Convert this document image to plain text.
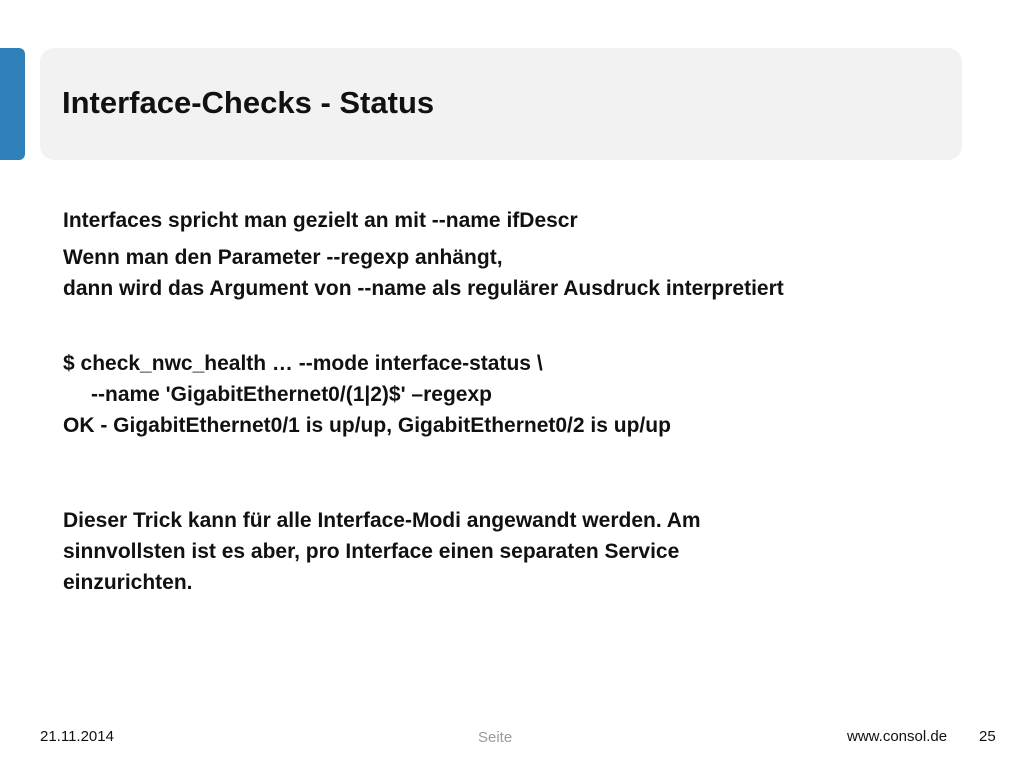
Interface-Checks - Status

Interfaces spricht man gezielt an mit --name ifDescr

Wenn man den Parameter --regexp anhängt,

dann wird das Argument von --name als regulärer Ausdruck interpretiert

$ check_nwc_health … --mode interface-status \

--name 'GigabitEthernet0/(1|2)$' –regexp

OK - GigabitEthernet0/1 is up/up, GigabitEthernet0/2 is up/up

Dieser Trick kann für alle Interface-Modi angewandt werden. Am

sinnvollsten ist es aber, pro Interface einen separaten Service

einzurichten.

21.11.2014	Seite	www.consol.de 25
